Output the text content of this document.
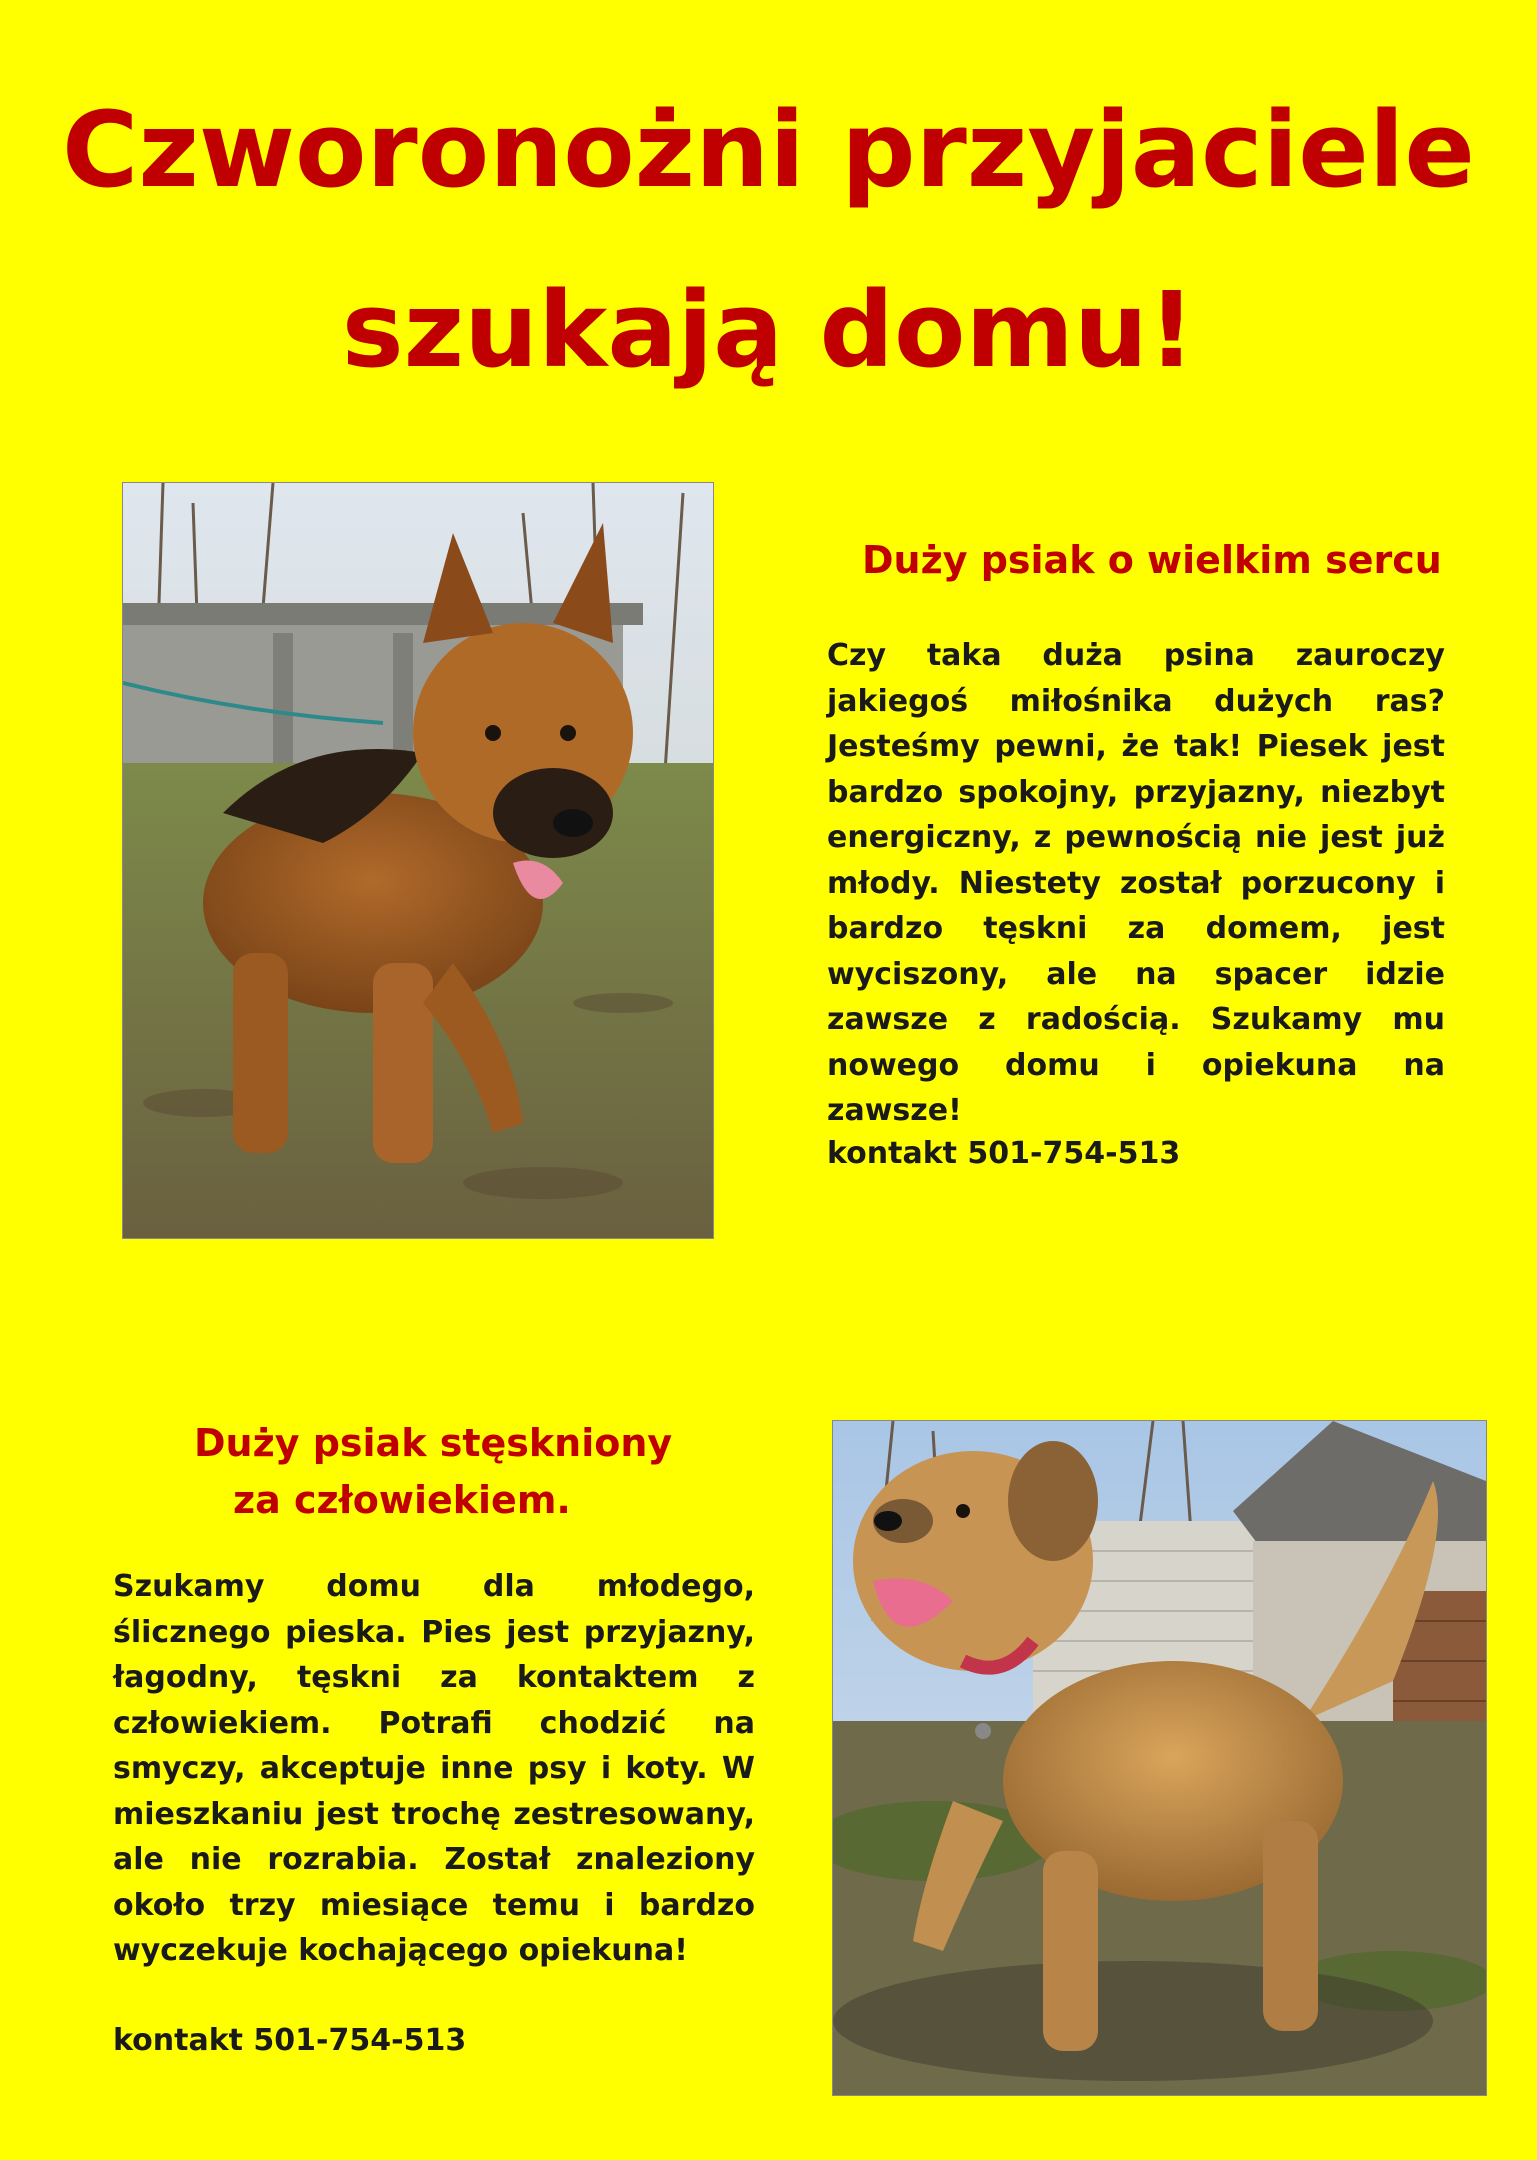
Czworonożni przyjaciele
szukają domu!
Duży psiak o wielkim sercu
Czy taka duża psina zauroczy jakiegoś miłośnika dużych ras? Jesteśmy pewni, że tak! Piesek jest bardzo spokojny, przyjazny, niezbyt energiczny, z pewnością nie jest już młody. Niestety został porzucony i bardzo tęskni za domem, jest wyciszony, ale na spacer idzie zawsze z radością. Szukamy mu nowego domu i opiekuna na zawsze!
kontakt 501-754-513
Duży psiak stęskniony
za człowiekiem.
Szukamy domu dla młodego, ślicznego pieska. Pies jest przyjazny, łagodny, tęskni za kontaktem z człowiekiem. Potrafi chodzić na smyczy, akceptuje inne psy i koty. W mieszkaniu jest trochę zestresowany, ale nie rozrabia. Został znaleziony około trzy miesiące temu i bardzo wyczekuje kochającego opiekuna!
kontakt 501-754-513
